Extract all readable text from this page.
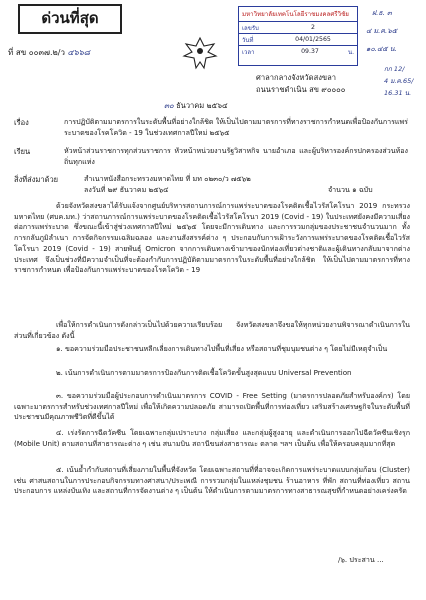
ด่วนที่สุด
ที่ สข ๐๐๓๗.๒/ว ๔๖๖๘
มหาวิทยาลัยเทคโนโลยีราชมงคลศรีวิชัย
เลขรับ	2
วันที่	04/01/2565
เวลา	09.37	น.
ฝ.ธ. ๓
๔ ม.ค.๖๕
๑๐.๔๕ น.
ศาลากลางจังหวัดสงขลา
ถนนราชดำเนิน สข ๙๐๐๐๐
กก 12/
4 ม.ค.65/
16.31 น.
๓๐ ธันวาคม ๒๕๖๔
เรื่อง	การปฏิบัติตามมาตรการในระดับพื้นที่อย่างใกล้ชิด ให้เป็นไปตามมาตรการที่ทางราชการกำหนดเพื่อป้องกันการแพร่ระบาดของโรคโควิด - 19 ในช่วงเทศกาลปีใหม่ ๒๕๖๕
เรียน	หัวหน้าส่วนราชการทุกส่วนราชการ หัวหน้าหน่วยงานรัฐวิสาหกิจ นายอำเภอ และผู้บริหารองค์กรปกครองส่วนท้องถิ่นทุกแห่ง
สิ่งที่ส่งมาด้วย	สำเนาหนังสือกระทรวงมหาดไทย ที่ มท ๐๒๓๐/ว ๗๕๖๒
ลงวันที่ ๒๙ ธันวาคม ๒๕๖๔	จำนวน ๑ ฉบับ
ด้วยจังหวัดสงขลาได้รับแจ้งจากศูนย์บริหารสถานการณ์การแพร่ระบาดของโรคติดเชื้อไวรัสโคโรนา 2019 กระทรวงมหาดไทย (ศบค.มท.) ว่าสถานการณ์การแพร่ระบาดของโรคติดเชื้อไวรัสโคโรนา 2019 (Covid - 19) ในประเทศยังคงมีความเสี่ยงต่อการแพร่ระบาด ซึ่งขณะนี้เข้าสู่ช่วงเทศกาลปีใหม่ ๒๕๖๕ โดยจะมีการเดินทาง และการรวมกลุ่มของประชาชนจำนวนมาก ทั้งการกลับภูมิลำเนา การจัดกิจกรรมเฉลิมฉลอง และงานสังสรรค์ต่าง ๆ ประกอบกับการเฝ้าระวังการแพร่ระบาดของโรคติดเชื้อไวรัสโคโรนา 2019 (Covid - 19) สายพันธุ์ Omicron จากการเดินทางเข้ามาของนักท่องเที่ยวต่างชาติและผู้เดินทางกลับมาจากต่างประเทศ จึงเป็นช่วงที่มีความจำเป็นที่จะต้องกำกับการปฏิบัติตามมาตรการในระดับพื้นที่อย่างใกล้ชิด ให้เป็นไปตามมาตรการที่ทางราชการกำหนด เพื่อป้องกันการแพร่ระบาดของโรคโควิด - 19
เพื่อให้การดำเนินการดังกล่าวเป็นไปด้วยความเรียบร้อย จังหวัดสงขลาจึงขอให้ทุกหน่วยงานพิจารณาดำเนินการในส่วนที่เกี่ยวข้อง ดังนี้
๑. ขอความร่วมมือประชาชนหลีกเลี่ยงการเดินทางไปพื้นที่เสี่ยง หรือสถานที่ชุมนุมชนต่าง ๆ โดยไม่มีเหตุจำเป็น
๒. เน้นการดำเนินการตามมาตรการป้องกันการติดเชื้อโควิดขั้นสูงสุดแบบ Universal Prevention
๓. ขอความร่วมมือผู้ประกอบการดำเนินมาตรการ COVID - Free Setting (มาตรการปลอดภัยสำหรับองค์กร) โดยเฉพาะมาตรการสำหรับช่วงเทศกาลปีใหม่ เพื่อให้เกิดความปลอดภัย สามารถเปิดพื้นที่การท่องเที่ยว เสริมสร้างเศรษฐกิจในระดับพื้นที่ ประชาชนมีคุณภาพชีวิตที่ดีขึ้นได้
๔. เร่งรัดการฉีดวัคซีน โดยเฉพาะกลุ่มเปราะบาง กลุ่มเสี่ยง และกลุ่มผู้สูงอายุ และดำเนินการออกไปฉีดวัคซีนเชิงรุก (Mobile Unit) ตามสถานที่สาธารณะต่าง ๆ เช่น สนามบิน สถานีขนส่งสาธารณะ ตลาด ฯลฯ เป็นต้น เพื่อให้ครอบคลุมมากที่สุด
๕. เน้นย้ำกำกับสถานที่เสี่ยงภายในพื้นที่จังหวัด โดยเฉพาะสถานที่ที่อาจจะเกิดการแพร่ระบาดแบบกลุ่มก้อน (Cluster) เช่น ศาสนสถานในการประกอบกิจกรรมทางศาสนา/ประเพณี การรวมกลุ่มในแหล่งชุมชน ร้านอาหาร ที่พัก สถานที่ท่องเที่ยว สถานประกอบการ แหล่งบันเทิง และสถานที่การจัดงานต่าง ๆ เป็นต้น ให้ดำเนินการตามมาตรการทางสาธารณสุขที่กำหนดอย่างเคร่งครัด
/๖. ประสาน ...
